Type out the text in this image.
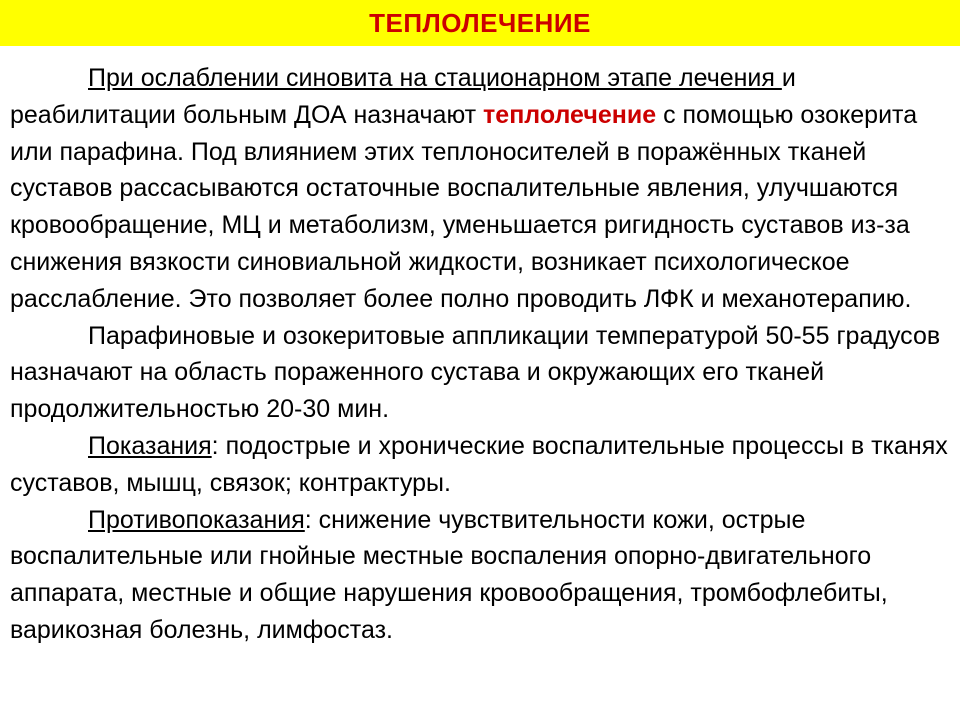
ТЕПЛОЛЕЧЕНИЕ

При ослаблении синовита на стационарном этапе лечения и реабилитации больным ДОА назначают теплолечение с помощью озокерита или парафина. Под влиянием этих теплоносителей в поражённых тканей суставов рассасываются остаточные воспалительные явления, улучшаются кровообращение, МЦ и метаболизм, уменьшается ригидность суставов из-за снижения вязкости синовиальной жидкости, возникает психологическое расслабление. Это позволяет более полно проводить ЛФК и механотерапию.

Парафиновые и озокеритовые аппликации температурой 50-55 градусов назначают на область пораженного сустава и окружающих его тканей продолжительностью 20-30 мин.

Показания: подострые и хронические воспалительные процессы в тканях суставов, мышц, связок; контрактуры.

Противопоказания: снижение чувствительности кожи, острые воспалительные или гнойные местные воспаления опорно-двигательного аппарата, местные и общие нарушения кровообращения, тромбофлебиты, варикозная болезнь, лимфостаз.
